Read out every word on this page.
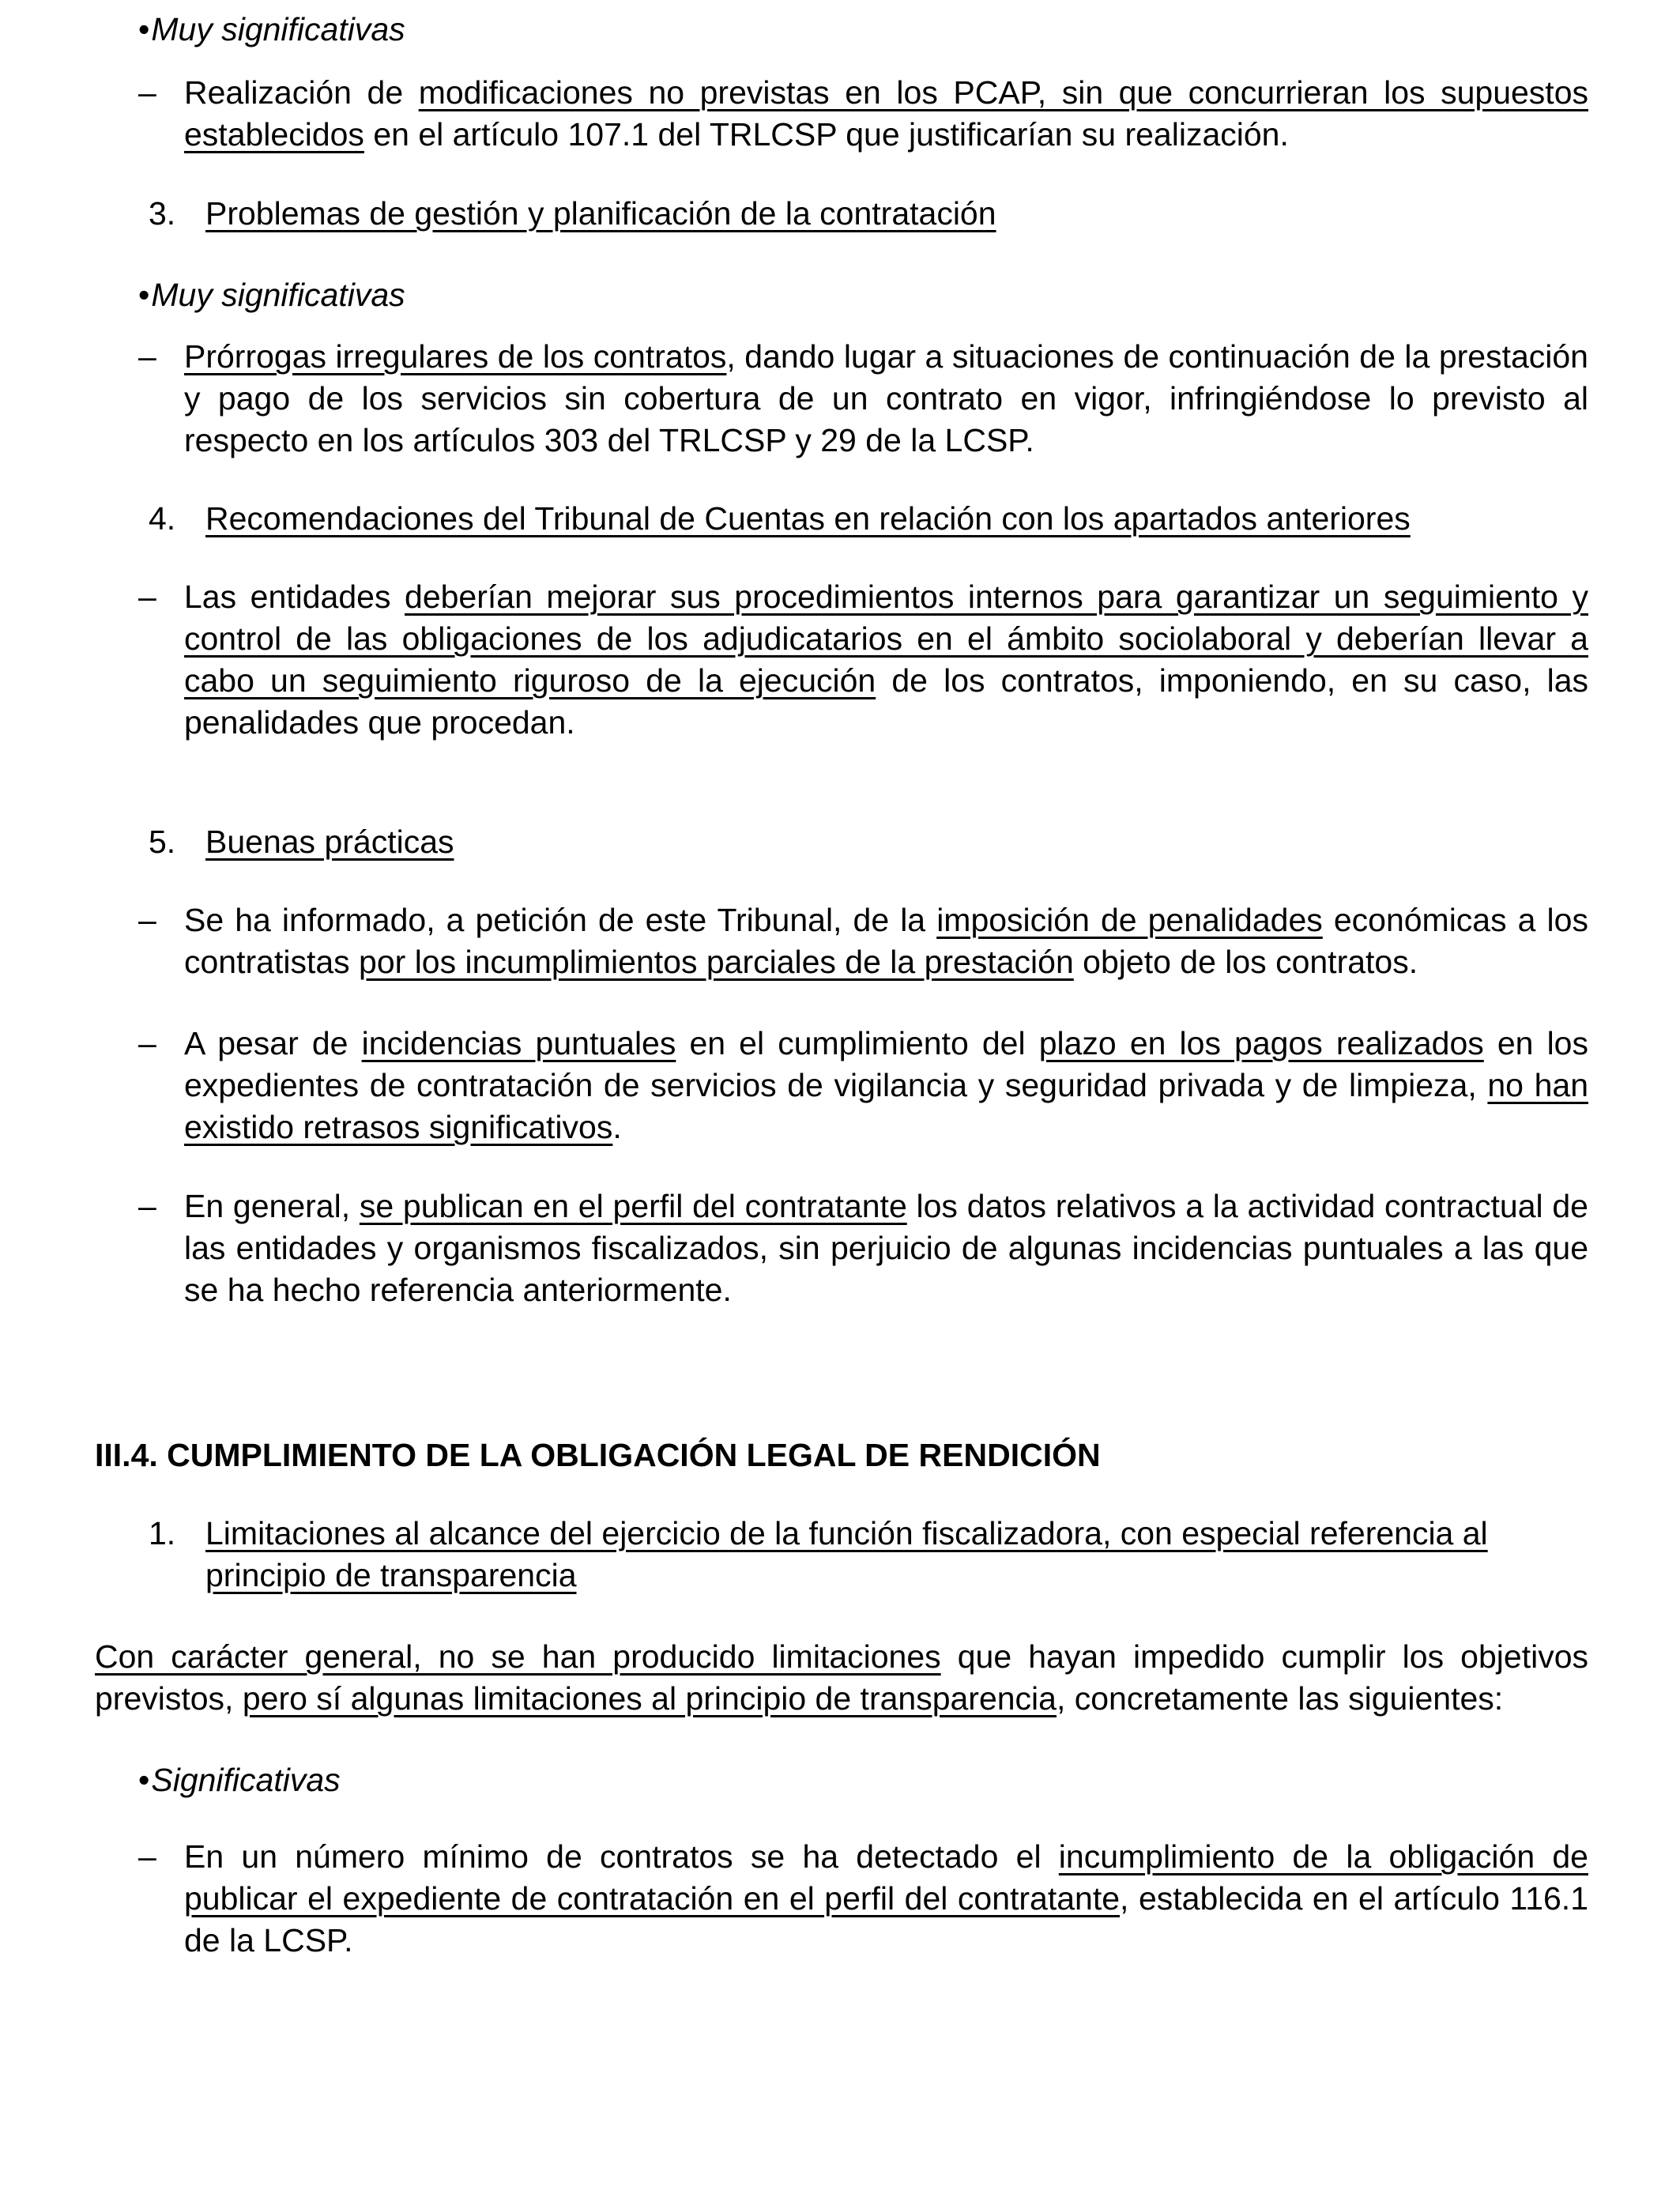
•Muy significativas
– Realización de modificaciones no previstas en los PCAP, sin que concurrieran los supuestos establecidos en el artículo 107.1 del TRLCSP que justificarían su realización.
3. Problemas de gestión y planificación de la contratación
•Muy significativas
– Prórrogas irregulares de los contratos, dando lugar a situaciones de continuación de la prestación y pago de los servicios sin cobertura de un contrato en vigor, infringiéndose lo previsto al respecto en los artículos 303 del TRLCSP y 29 de la LCSP.
4. Recomendaciones del Tribunal de Cuentas en relación con los apartados anteriores
– Las entidades deberían mejorar sus procedimientos internos para garantizar un seguimiento y control de las obligaciones de los adjudicatarios en el ámbito sociolaboral y deberían llevar a cabo un seguimiento riguroso de la ejecución de los contratos, imponiendo, en su caso, las penalidades que procedan.
5. Buenas prácticas
– Se ha informado, a petición de este Tribunal, de la imposición de penalidades económicas a los contratistas por los incumplimientos parciales de la prestación objeto de los contratos.
– A pesar de incidencias puntuales en el cumplimiento del plazo en los pagos realizados en los expedientes de contratación de servicios de vigilancia y seguridad privada y de limpieza, no han existido retrasos significativos.
– En general, se publican en el perfil del contratante los datos relativos a la actividad contractual de las entidades y organismos fiscalizados, sin perjuicio de algunas incidencias puntuales a las que se ha hecho referencia anteriormente.
III.4. CUMPLIMIENTO DE LA OBLIGACIÓN LEGAL DE RENDICIÓN
1. Limitaciones al alcance del ejercicio de la función fiscalizadora, con especial referencia al principio de transparencia
Con carácter general, no se han producido limitaciones que hayan impedido cumplir los objetivos previstos, pero sí algunas limitaciones al principio de transparencia, concretamente las siguientes:
•Significativas
– En un número mínimo de contratos se ha detectado el incumplimiento de la obligación de publicar el expediente de contratación en el perfil del contratante, establecida en el artículo 116.1 de la LCSP.
